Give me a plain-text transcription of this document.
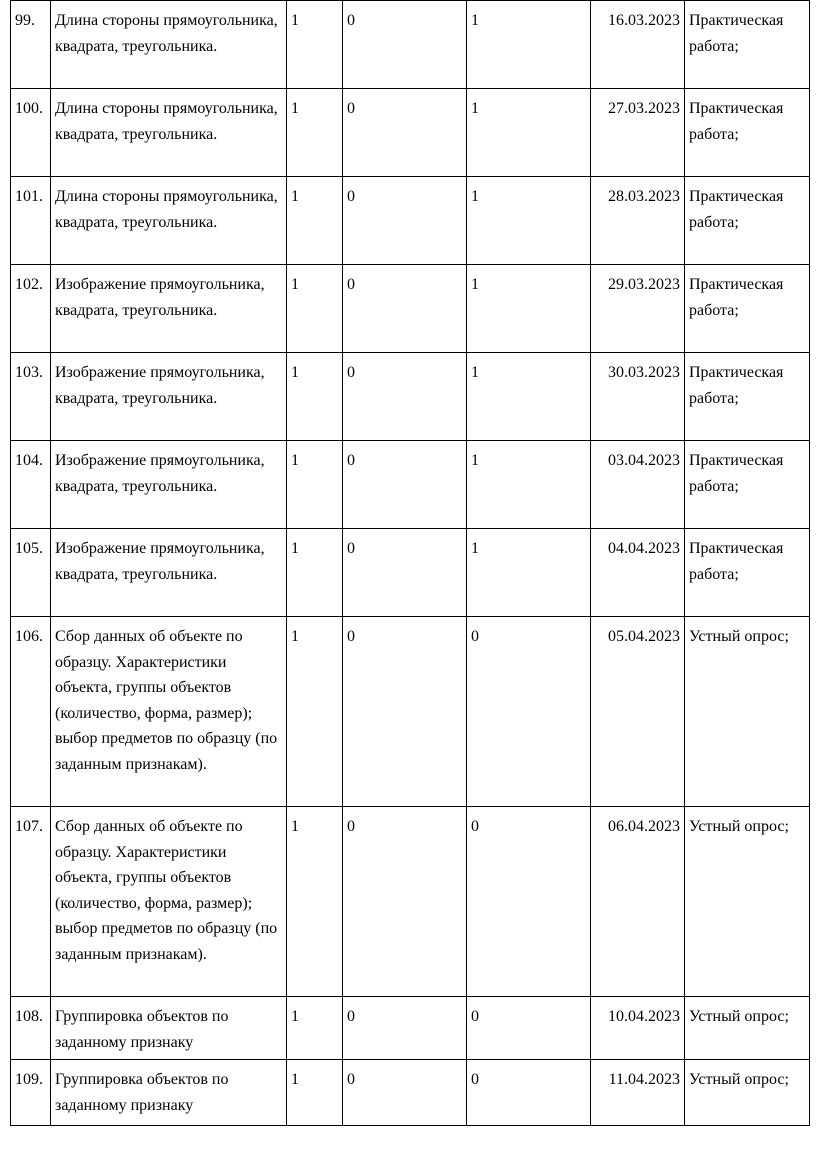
99.	Длина стороны прямоугольника, квадрата, треугольника.	1	0	1	16.03.2023	Практическая работа;
100.	Длина стороны прямоугольника, квадрата, треугольника.	1	0	1	27.03.2023	Практическая работа;
101.	Длина стороны прямоугольника, квадрата, треугольника.	1	0	1	28.03.2023	Практическая работа;
102.	Изображение прямоугольника, квадрата, треугольника.	1	0	1	29.03.2023	Практическая работа;
103.	Изображение прямоугольника, квадрата, треугольника.	1	0	1	30.03.2023	Практическая работа;
104.	Изображение прямоугольника, квадрата, треугольника.	1	0	1	03.04.2023	Практическая работа;
105.	Изображение прямоугольника, квадрата, треугольника.	1	0	1	04.04.2023	Практическая работа;
106.	Сбор данных об объекте по образцу. Характеристики объекта, группы объектов (количество, форма, размер); выбор предметов по образцу (по заданным признакам).	1	0	0	05.04.2023	Устный опрос;
107.	Сбор данных об объекте по образцу. Характеристики объекта, группы объектов (количество, форма, размер); выбор предметов по образцу (по заданным признакам).	1	0	0	06.04.2023	Устный опрос;
108.	Группировка объектов по заданному признаку	1	0	0	10.04.2023	Устный опрос;
109.	Группировка объектов по заданному признаку	1	0	0	11.04.2023	Устный опрос;
